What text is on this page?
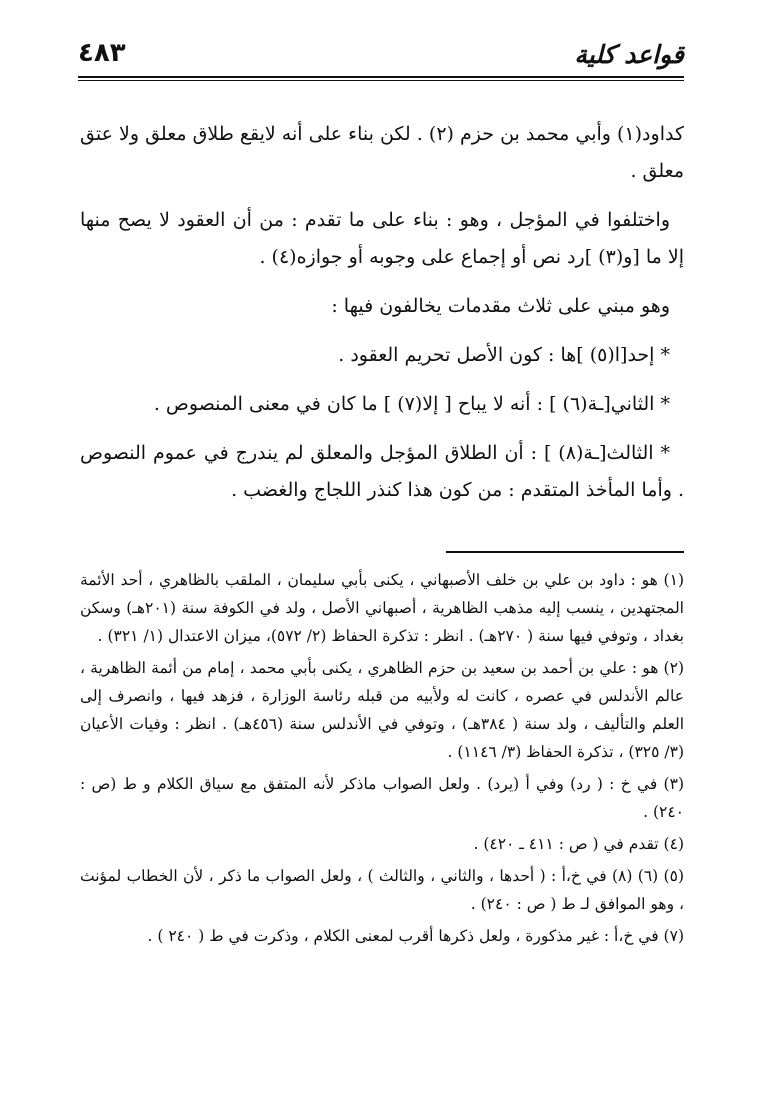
قواعد كلية
٤٨٣

كداود(١) وأبي محمد بن حزم (٢) . لكن بناء على أنه لايقع طلاق معلق ولا عتق معلق .

واختلفوا في المؤجل ، وهو : بناء على ما تقدم : من أن العقود لا يصح منها إلا ما [و(٣) ]رد نص أو إجماع على وجوبه أو جوازه(٤) .

وهو مبني على ثلاث مقدمات يخالفون فيها :

* إحد[ا(٥) ]ها : كون الأصل تحريم العقود .

* الثاني[ـة(٦) ] : أنه لا يباح [ إلا(٧) ] ما كان في معنى المنصوص .

* الثالث[ـة(٨) ] : أن الطلاق المؤجل والمعلق لم يندرج في عموم النصوص . وأما المأخذ المتقدم : من كون هذا كنذر اللجاج والغضب .

(١) هو : داود بن علي بن خلف الأصبهاني ، يكنى بأبي سليمان ، الملقب بالظاهري ، أحد الأئمة المجتهدين ، ينسب إليه مذهب الظاهرية ، أصبهاني الأصل ، ولد في الكوفة سنة (٢٠١هـ) وسكن بغداد ، وتوفي فيها سنة ( ٢٧٠هـ) . انظر : تذكرة الحفاظ (٢/ ٥٧٢)، ميزان الاعتدال (١/ ٣٢١) .

(٢) هو : علي بن أحمد بن سعيد بن حزم الظاهري ، يكنى بأبي محمد ، إمام من أئمة الظاهرية ، عالم الأندلس في عصره ، كانت له ولأبيه من قبله رئاسة الوزارة ، فزهد فيها ، وانصرف إلى العلم والتأليف ، ولد سنة ( ٣٨٤هـ) ، وتوفي في الأندلس سنة (٤٥٦هـ) . انظر : وفيات الأعيان (٣/ ٣٢٥) ، تذكرة الحفاظ (٣/ ١١٤٦) .

(٣) في خ : ( رد) وفي أ (يرد) . ولعل الصواب ماذكر لأنه المتفق مع سياق الكلام و ط (ص : ٢٤٠) .

(٤) تقدم في ( ص : ٤١١ ـ ٤٢٠) .

(٥) (٦) (٨) في خ،أ : ( أحدها ، والثاني ، والثالث ) ، ولعل الصواب ما ذكر ، لأن الخطاب لمؤنث ، وهو الموافق لـ ط ( ص : ٢٤٠) .

(٧) في خ،أ : غير مذكورة ، ولعل ذكرها أقرب لمعنى الكلام ، وذكرت في ط ( ٢٤٠ ) .
